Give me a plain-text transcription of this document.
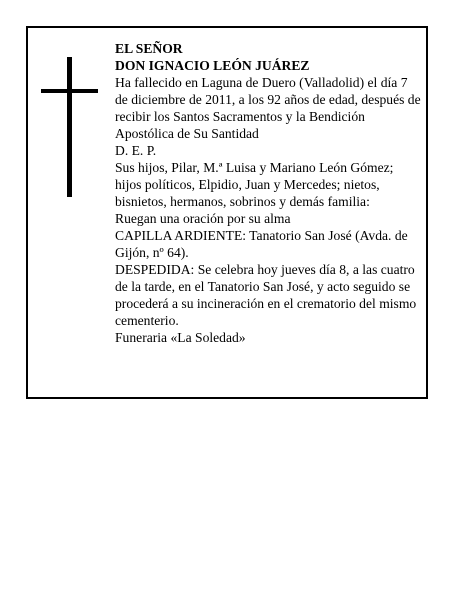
EL SEÑOR

DON IGNACIO LEÓN JUÁREZ

Ha fallecido en Laguna de Duero (Valladolid) el día 7 de diciembre de 2011, a los 92 años de edad, después de recibir los Santos Sacramentos y la Bendición Apostólica de Su Santidad

D. E. P.

Sus hijos, Pilar, M.ª Luisa y Mariano León Gómez; hijos políticos, Elpidio, Juan y Mercedes; nietos, bisnietos, hermanos, sobrinos y demás familia:

Ruegan una oración por su alma

CAPILLA ARDIENTE: Tanatorio San José (Avda. de Gijón, nº 64).

DESPEDIDA: Se celebra hoy jueves día 8, a las cuatro de la tarde, en el Tanatorio San José, y acto seguido se procederá a su incineración en el crematorio del mismo cementerio.

Funeraria «La Soledad»
